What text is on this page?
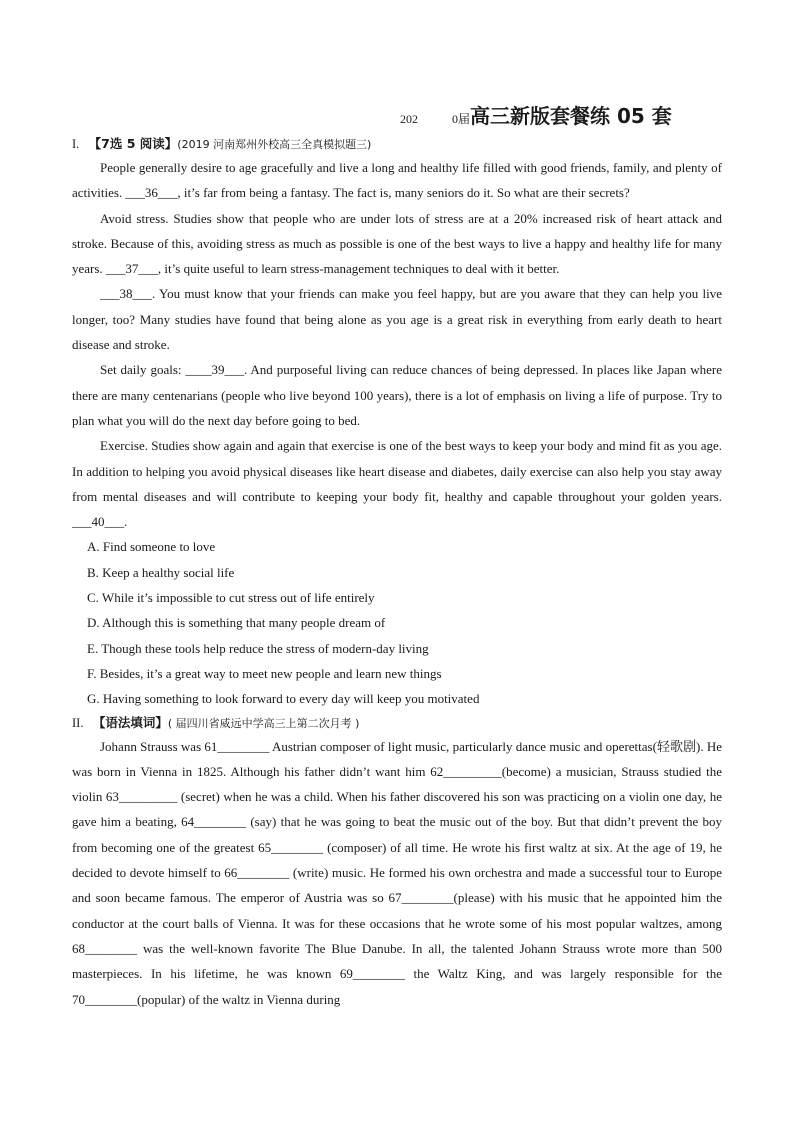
202	0届高三新版套餐练 05 套
I. 【7选 5 阅读】(2019 河南郑州外校高三全真模拟题三)

People generally desire to age gracefully and live a long and healthy life filled with good friends, family, and plenty of activities. ___36___, it’s far from being a fantasy. The fact is, many seniors do it. So what are their secrets?

Avoid stress. Studies show that people who are under lots of stress are at a 20% increased risk of heart attack and stroke. Because of this, avoiding stress as much as possible is one of the best ways to live a happy and healthy life for many years. ___37___, it’s quite useful to learn stress-management techniques to deal with it better.

___38___. You must know that your friends can make you feel happy, but are you aware that they can help you live longer, too? Many studies have found that being alone as you age is a great risk in everything from early death to heart disease and stroke.

Set daily goals: ____39___. And purposeful living can reduce chances of being depressed. In places like Japan where there are many centenarians (people who live beyond 100 years), there is a lot of emphasis on living a life of purpose. Try to plan what you will do the next day before going to bed.

Exercise. Studies show again and again that exercise is one of the best ways to keep your body and mind fit as you age. In addition to helping you avoid physical diseases like heart disease and diabetes, daily exercise can also help you stay away from mental diseases and will contribute to keeping your body fit, healthy and capable throughout your golden years. ___40___.

A. Find someone to love
B. Keep a healthy social life
C. While it’s impossible to cut stress out of life entirely
D. Although this is something that many people dream of
E. Though these tools help reduce the stress of modern-day living
F. Besides, it’s a great way to meet new people and learn new things
G. Having something to look forward to every day will keep you motivated
II. 【语法填词】( 届四川省威远中学高三上第二次月考 )

Johann Strauss was 61________ Austrian composer of light music, particularly dance music and operettas(轻歌剧). He was born in Vienna in 1825. Although his father didn’t want him 62_________(become) a musician, Strauss studied the violin 63_________ (secret) when he was a child. When his father discovered his son was practicing on a violin one day, he gave him a beating, 64________ (say) that he was going to beat the music out of the boy. But that didn’t prevent the boy from becoming one of the greatest 65________ (composer) of all time. He wrote his first waltz at six. At the age of 19, he decided to devote himself to 66________ (write) music. He formed his own orchestra and made a successful tour to Europe and soon became famous. The emperor of Austria was so 67________(please) with his music that he appointed him the conductor at the court balls of Vienna. It was for these occasions that he wrote some of his most popular waltzes, among 68________ was the well-known favorite The Blue Danube. In all, the talented Johann Strauss wrote more than 500 masterpieces. In his lifetime, he was known 69________ the Waltz King, and was largely responsible for the 70________(popular) of the waltz in Vienna during
